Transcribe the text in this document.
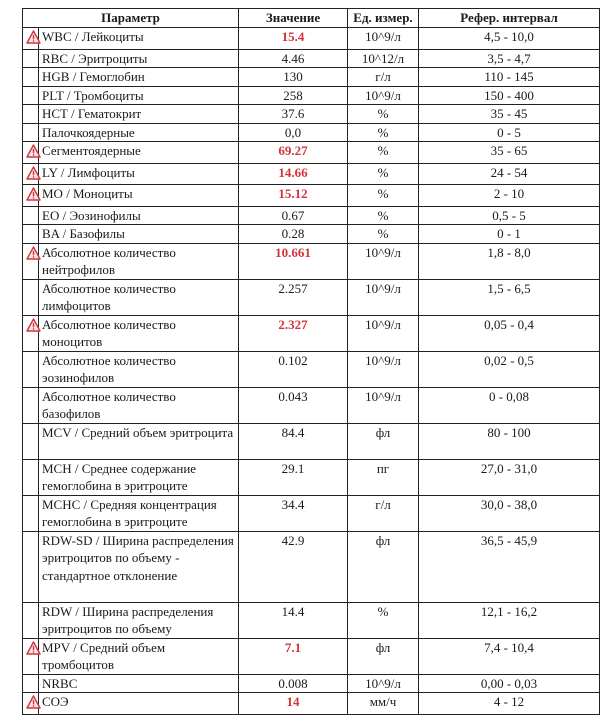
Параметр		Значение	Ед. измер.	Рефер. интервал

	WBC / Лейкоциты	15.4	10^9/л	4,5 - 10,0
	RBC / Эритроциты	4.46	10^12/л	3,5 - 4,7
	HGB / Гемоглобин	130	г/л	110 - 145
	PLT / Тромбоциты	258	10^9/л	150 - 400
	HCT / Гематокрит	37.6	%	35 - 45
	Палочкоядерные	0,0	%	0 - 5

	Сегментоядерные	69.27	%	35 - 65

	LY / Лимфоциты	14.66	%	24 - 54

	MO / Моноциты	15.12	%	2 - 10
	EO / Эозинофилы	0.67	%	0,5 - 5
	BA / Базофилы	0.28	%	0 - 1

	Абсолютное количество нейтрофилов	10.661	10^9/л	1,8 - 8,0
	Абсолютное количество лимфоцитов	2.257	10^9/л	1,5 - 6,5

	Абсолютное количество моноцитов	2.327	10^9/л	0,05 - 0,4
	Абсолютное количество эозинофилов	0.102	10^9/л	0,02 - 0,5
	Абсолютное количество базофилов	0.043	10^9/л	0 - 0,08
	MCV / Средний объем эритроцита	84.4	фл	80 - 100
	MCH / Среднее содержание гемоглобина в эритроците	29.1	пг	27,0 - 31,0
	MCHC / Средняя концентрация гемоглобина в эритроците	34.4	г/л	30,0 - 38,0
	RDW-SD / Ширина распределения эритроцитов по объему - стандартное отклонение	42.9	фл	36,5 - 45,9
	RDW / Ширина распределения эритроцитов по объему	14.4	%	12,1 - 16,2

	MPV / Средний объем тромбоцитов	7.1	фл	7,4 - 10,4
	NRBC	0.008	10^9/л	0,00 - 0,03

	СОЭ	14	мм/ч	4 - 12
